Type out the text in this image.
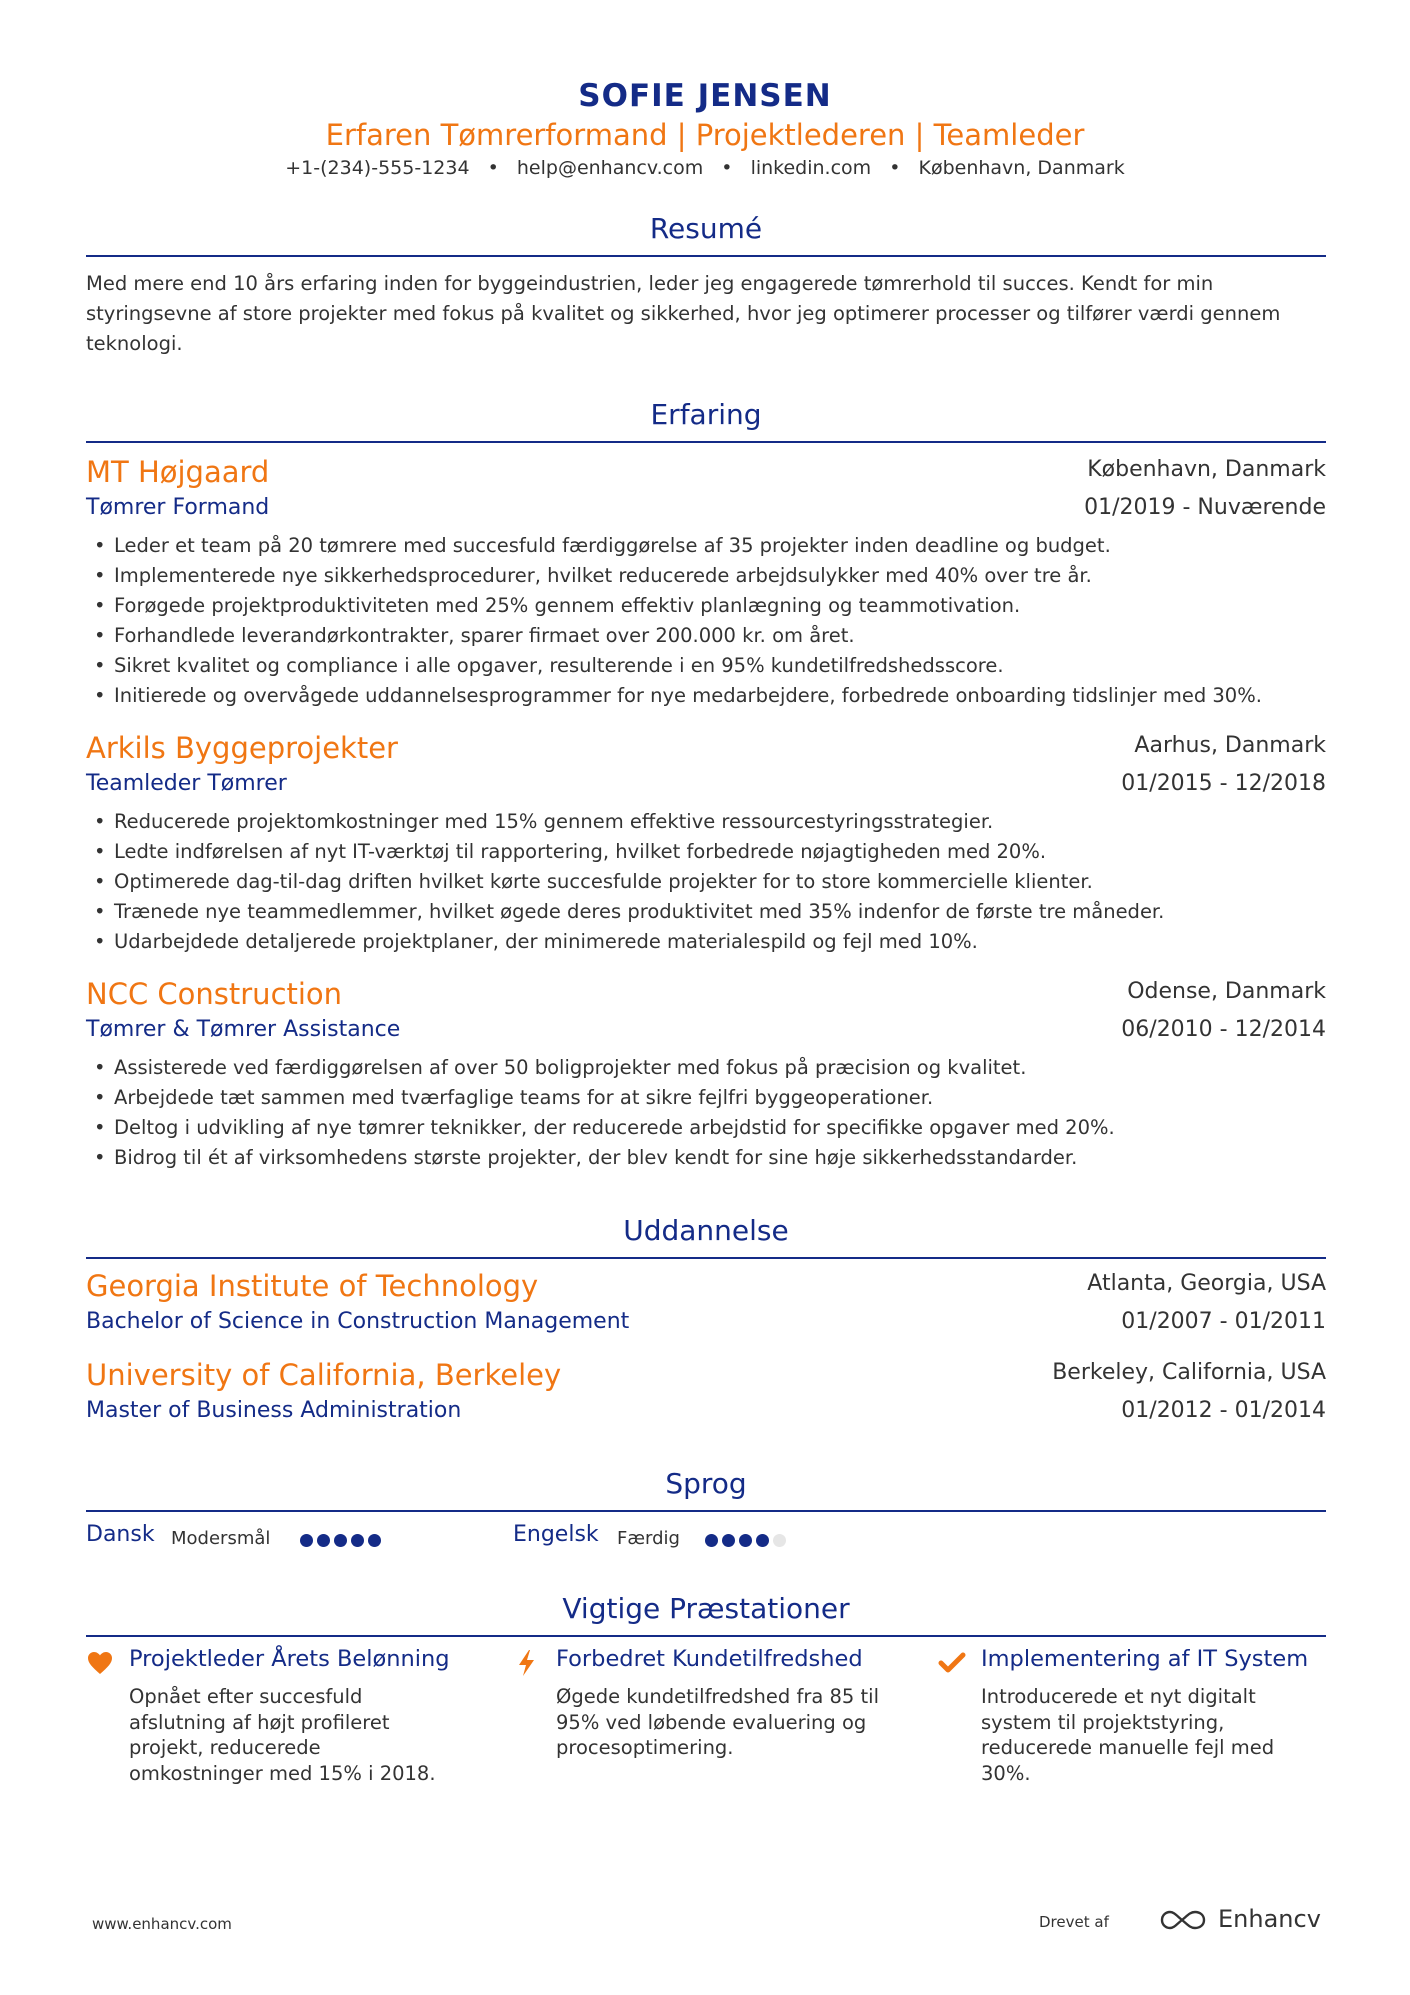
SOFIE JENSEN
Erfaren Tømrerformand | Projektlederen | Teamleder
+1-(234)-555-1234 • help@enhancv.com • linkedin.com • København, Danmark
Resumé
Med mere end 10 års erfaring inden for byggeindustrien, leder jeg engagerede tømrerhold til succes. Kendt for min styringsevne af store projekter med fokus på kvalitet og sikkerhed, hvor jeg optimerer processer og tilfører værdi gennem teknologi.
Erfaring
MT Højgaard	København, Danmark
Tømrer Formand	01/2019 - Nuværende
• Leder et team på 20 tømrere med succesfuld færdiggørelse af 35 projekter inden deadline og budget.
• Implementerede nye sikkerhedsprocedurer, hvilket reducerede arbejdsulykker med 40% over tre år.
• Forøgede projektproduktiviteten med 25% gennem effektiv planlægning og teammotivation.
• Forhandlede leverandørkontrakter, sparer firmaet over 200.000 kr. om året.
• Sikret kvalitet og compliance i alle opgaver, resulterende i en 95% kundetilfredshedsscore.
• Initierede og overvågede uddannelsesprogrammer for nye medarbejdere, forbedrede onboarding tidslinjer med 30%.
Arkils Byggeprojekter	Aarhus, Danmark
Teamleder Tømrer	01/2015 - 12/2018
• Reducerede projektomkostninger med 15% gennem effektive ressourcestyringsstrategier.
• Ledte indførelsen af nyt IT-værktøj til rapportering, hvilket forbedrede nøjagtigheden med 20%.
• Optimerede dag-til-dag driften hvilket kørte succesfulde projekter for to store kommercielle klienter.
• Trænede nye teammedlemmer, hvilket øgede deres produktivitet med 35% indenfor de første tre måneder.
• Udarbejdede detaljerede projektplaner, der minimerede materialespild og fejl med 10%.
NCC Construction	Odense, Danmark
Tømrer & Tømrer Assistance	06/2010 - 12/2014
• Assisterede ved færdiggørelsen af over 50 boligprojekter med fokus på præcision og kvalitet.
• Arbejdede tæt sammen med tværfaglige teams for at sikre fejlfri byggeoperationer.
• Deltog i udvikling af nye tømrer teknikker, der reducerede arbejdstid for specifikke opgaver med 20%.
• Bidrog til ét af virksomhedens største projekter, der blev kendt for sine høje sikkerhedsstandarder.
Uddannelse
Georgia Institute of Technology	Atlanta, Georgia, USA
Bachelor of Science in Construction Management	01/2007 - 01/2011
University of California, Berkeley	Berkeley, California, USA
Master of Business Administration	01/2012 - 01/2014
Sprog
Dansk Modersmål	Engelsk Færdig
Vigtige Præstationer
Projektleder Årets Belønning
Opnået efter succesfuld afslutning af højt profileret projekt, reducerede omkostninger med 15% i 2018.
Forbedret Kundetilfredshed
Øgede kundetilfredshed fra 85 til 95% ved løbende evaluering og procesoptimering.
Implementering af IT System
Introducerede et nyt digitalt system til projektstyring, reducerede manuelle fejl med 30%.
www.enhancv.com	Drevet af	Enhancv
